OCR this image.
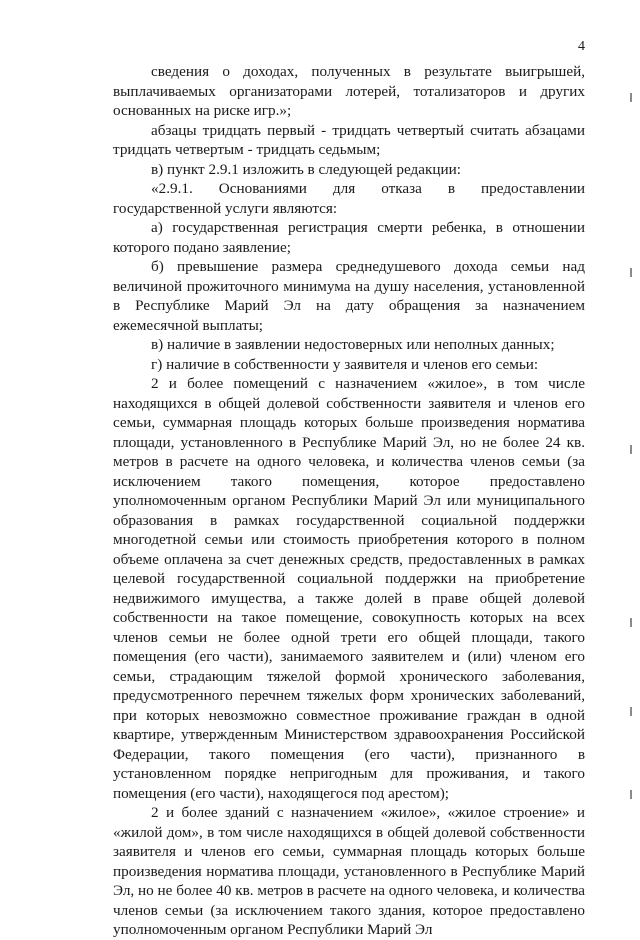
4

сведения о доходах, полученных в результате выигрышей, выплачиваемых организаторами лотерей, тотализаторов и других основанных на риске игр.»;

абзацы тридцать первый - тридцать четвертый считать абзацами тридцать четвертым - тридцать седьмым;

в) пункт 2.9.1 изложить в следующей редакции:

«2.9.1. Основаниями для отказа в предоставлении государственной услуги являются:

а) государственная регистрация смерти ребенка, в отношении которого подано заявление;

б) превышение размера среднедушевого дохода семьи над величиной прожиточного минимума на душу населения, установленной в Республике Марий Эл на дату обращения за назначением ежемесячной выплаты;

в) наличие в заявлении недостоверных или неполных данных;

г) наличие в собственности у заявителя и членов его семьи:

2 и более помещений с назначением «жилое», в том числе находящихся в общей долевой собственности заявителя и членов его семьи, суммарная площадь которых больше произведения норматива площади, установленного в Республике Марий Эл, но не более 24 кв. метров в расчете на одного человека, и количества членов семьи (за исключением такого помещения, которое предоставлено уполномоченным органом Республики Марий Эл или муниципального образования в рамках государственной социальной поддержки многодетной семьи или стоимость приобретения которого в полном объеме оплачена за счет денежных средств, предоставленных в рамках целевой государственной социальной поддержки на приобретение недвижимого имущества, а также долей в праве общей долевой собственности на такое помещение, совокупность которых на всех членов семьи не более одной трети его общей площади, такого помещения (его части), занимаемого заявителем и (или) членом его семьи, страдающим тяжелой формой хронического заболевания, предусмотренного перечнем тяжелых форм хронических заболеваний, при которых невозможно совместное проживание граждан в одной квартире, утвержденным Министерством здравоохранения Российской Федерации, такого помещения (его части), признанного в установленном порядке непригодным для проживания, и такого помещения (его части), находящегося под арестом);

2 и более зданий с назначением «жилое», «жилое строение» и «жилой дом», в том числе находящихся в общей долевой собственности заявителя и членов его семьи, суммарная площадь которых больше произведения норматива площади, установленного в Республике Марий Эл, но не более 40 кв. метров в расчете на одного человека, и количества членов семьи (за исключением такого здания, которое предоставлено уполномоченным органом Республики Марий Эл
